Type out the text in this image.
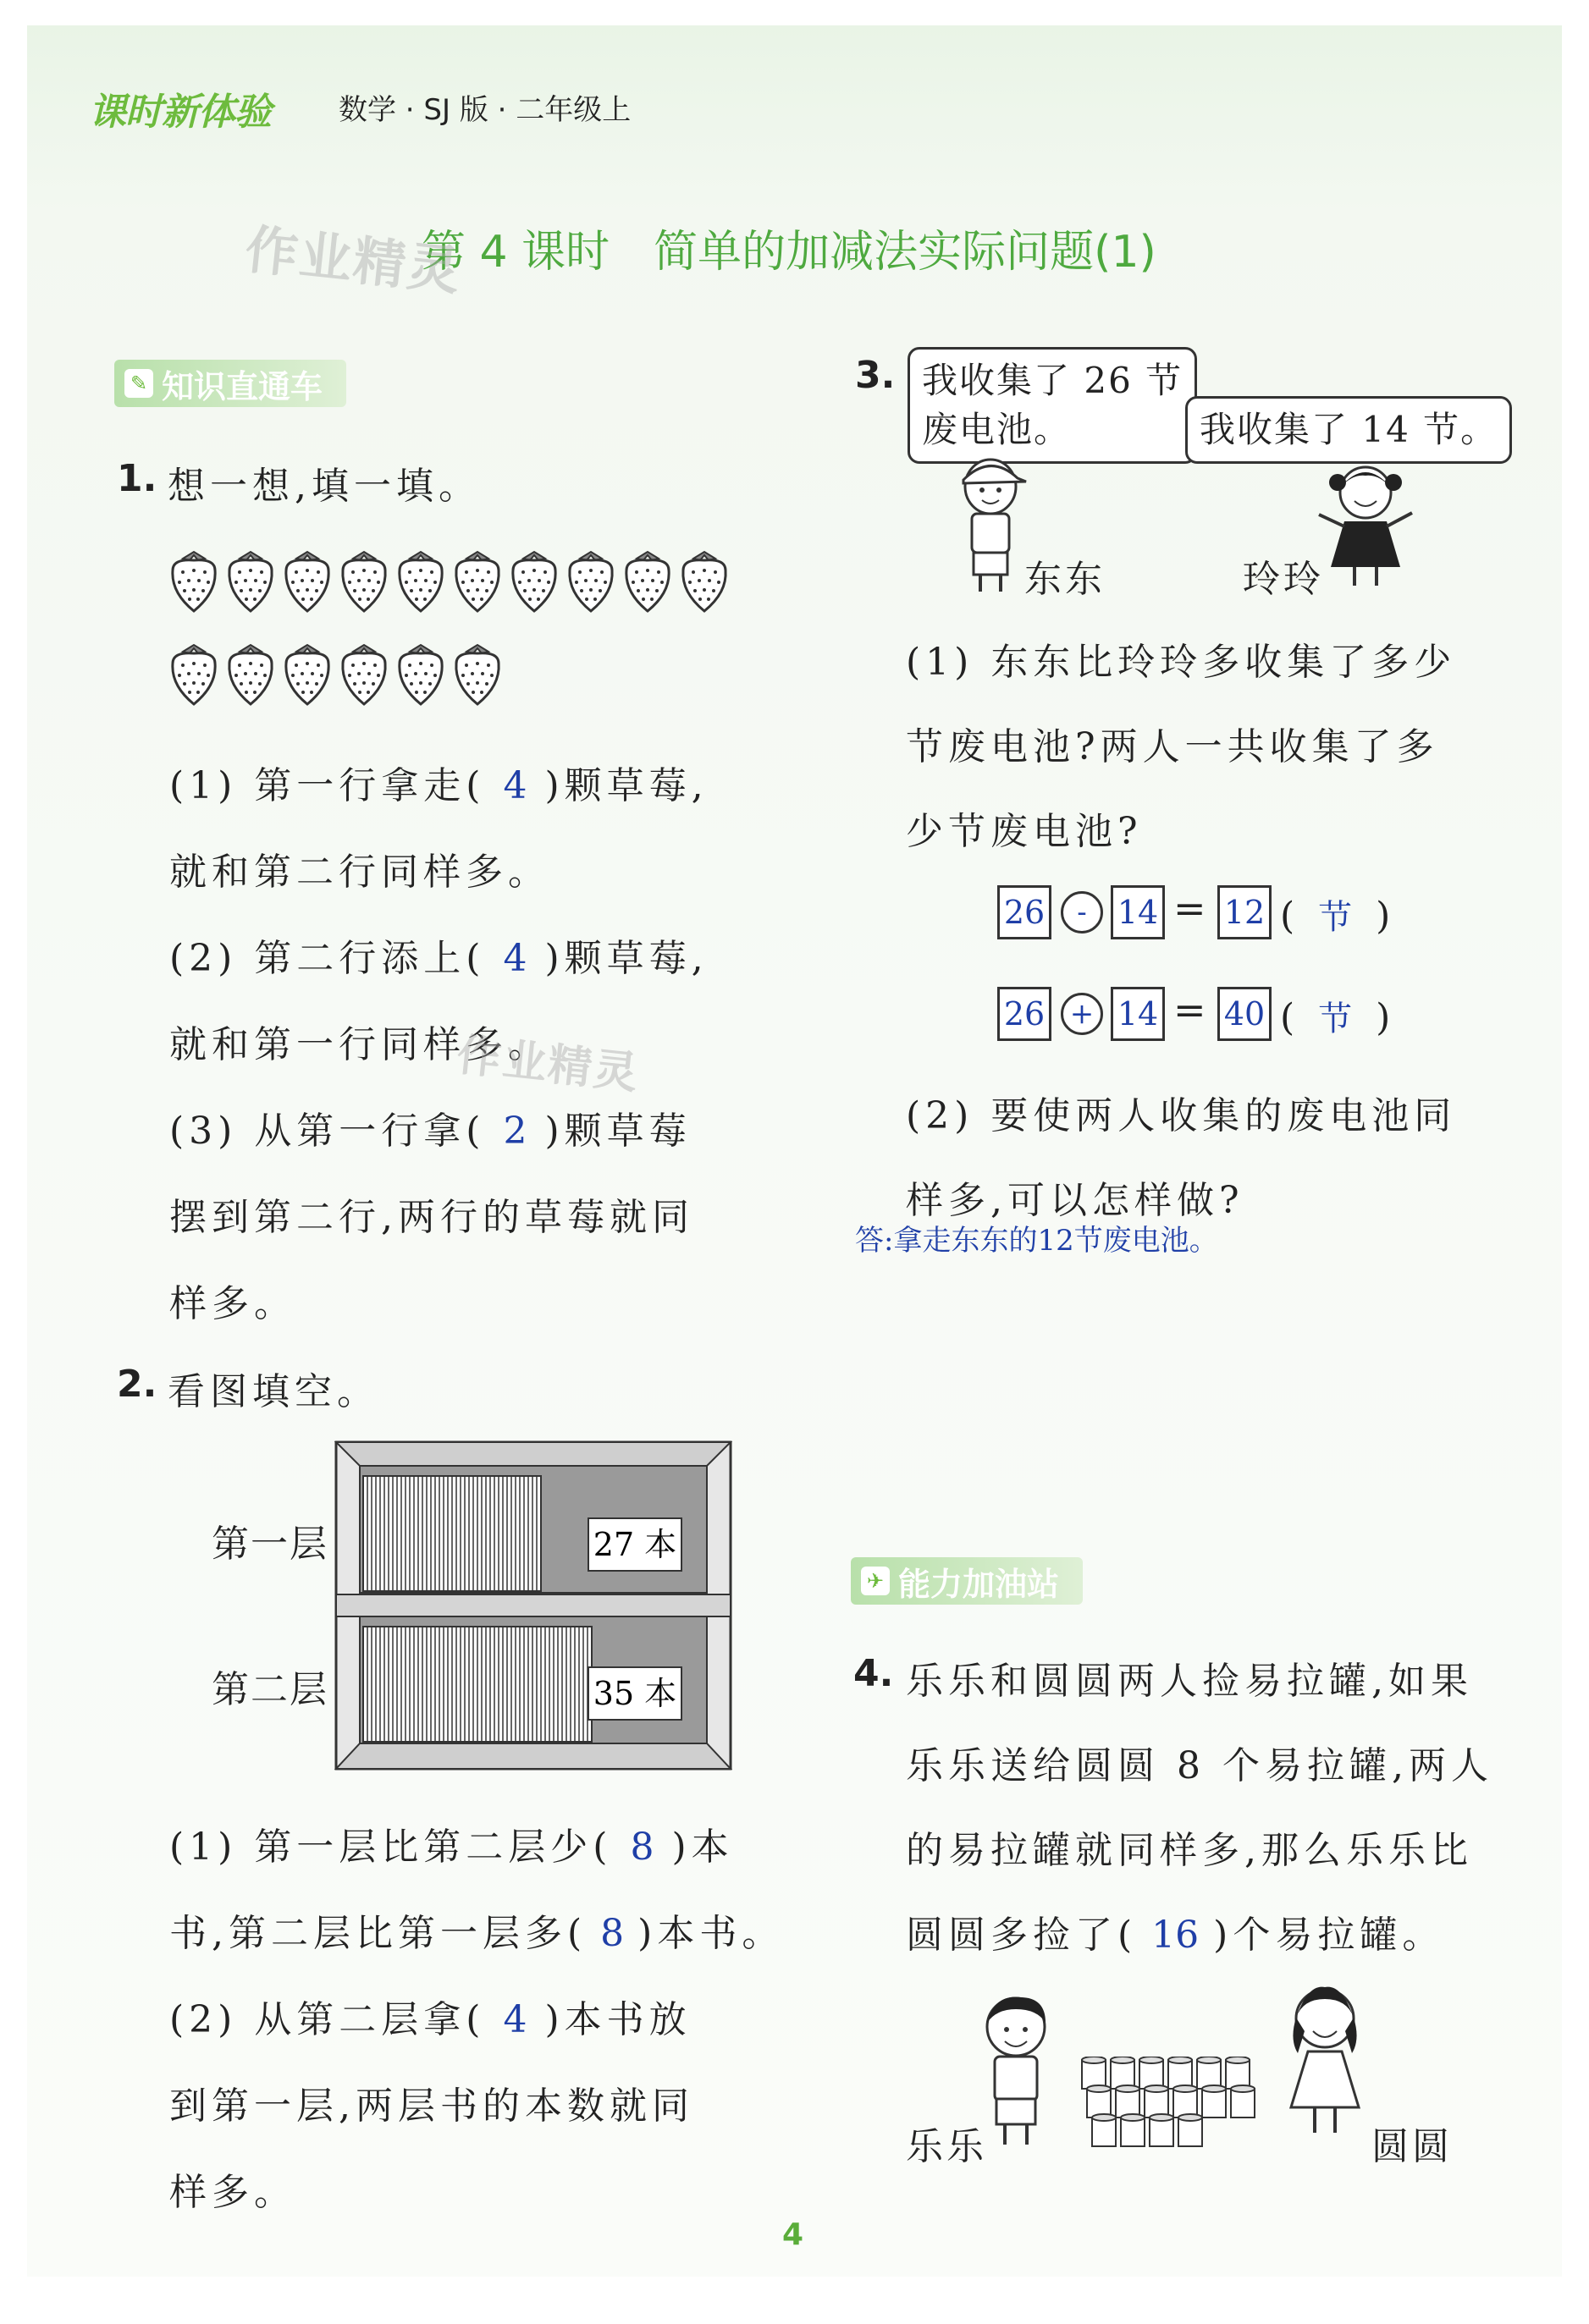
课时新体验 数学 · SJ 版 · 二年级上
第 4 课时 简单的加减法实际问题(1)
作业精灵
✎ 知识直通车
1. 想一想,填一填。
(1) 第一行拿走( 4 )颗草莓,
就和第二行同样多。
(2) 第二行添上( 4 )颗草莓,
就和第一行同样多。
作业精灵
(3) 从第一行拿( 2 )颗草莓
摆到第二行,两行的草莓就同
样多。
2. 看图填空。
第一层
第二层
27 本
35 本
(1) 第一层比第二层少( 8 )本
书,第二层比第一层多( 8 )本书。
(2) 从第二层拿( 4 )本书放
到第一层,两层书的本数就同
样多。
3. 我收集了 26 节
废电池。	我收集了 14 节。
东东	玲玲
(1) 东东比玲玲多收集了多少
节废电池?两人一共收集了多
少节废电池?
26	- 14 = 12 ( 节 )
26 + 14 = 40 ( 节 )
(2) 要使两人收集的废电池同
样多,可以怎样做?
答:拿走东东的12节废电池。
✈ 能力加油站
4. 乐乐和圆圆两人捡易拉罐,如果
乐乐送给圆圆 8 个易拉罐,两人
的易拉罐就同样多,那么乐乐比
圆圆多捡了( 16 )个易拉罐。
乐乐	圆圆
4
